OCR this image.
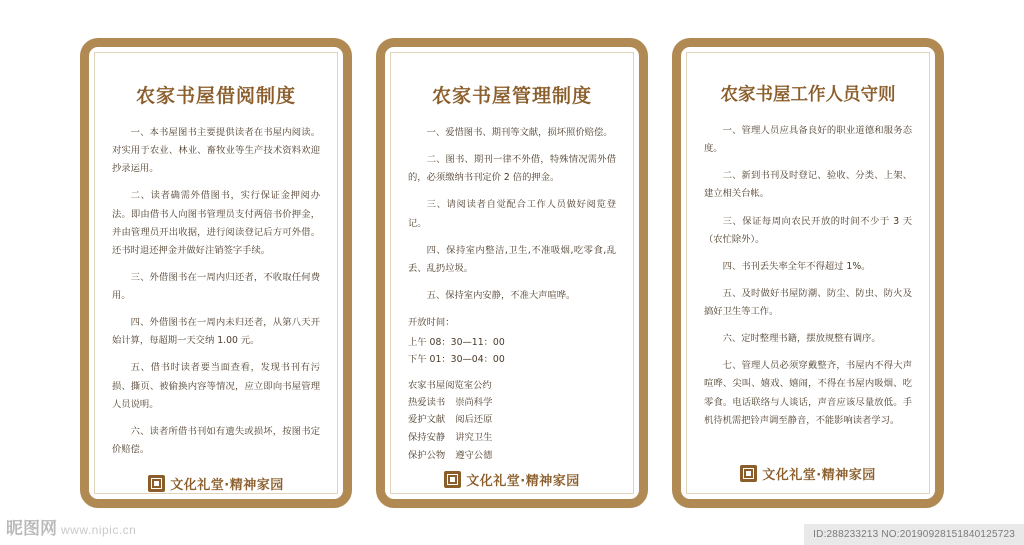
农家书屋借阅制度

一、本书屋图书主要提供读者在书屋内阅读。对实用于农业、林业、畜牧业等生产技术资料欢迎抄录运用。

二、读者确需外借图书，实行保证金押阅办法。即由借书人向图书管理员支付两倍书价押金，并由管理员开出收据，进行阅读登记后方可外借。还书时退还押金并做好注销签字手续。

三、外借图书在一周内归还者，不收取任何费用。

四、外借图书在一周内未归还者，从第八天开始计算，每超期一天交纳 1.00 元。

五、借书时读者要当面查看，发现书刊有污损、撕页、被偷换内容等情况，应立即向书屋管理人员说明。

六、读者所借书刊如有遗失或损坏，按图书定价赔偿。

文化礼堂·精神家园
农家书屋管理制度

一、爱惜图书、期刊等文献，损坏照价赔偿。

二、图书、期刊一律不外借，特殊情况需外借的，必须缴纳书刊定价 2 倍的押金。

三、请阅读者自觉配合工作人员做好阅览登记。

四、保持室内整洁,卫生,不准吸烟,吃零食,乱丢、乱扔垃圾。

五、保持室内安静，不准大声喧哗。

开放时间：

上午 08：30—11：00

下午 01：30—04：00

农家书屋阅览室公约
热爱读书 崇尚科学
爱护文献 阅后还原
保持安静 讲究卫生
保护公物 遵守公德
文化礼堂·精神家园
农家书屋工作人员守则

一、管理人员应具备良好的职业道德和服务态度。

二、新到书刊及时登记、验收、分类、上架、建立相关台帐。

三、保证每周向农民开放的时间不少于 3 天（农忙除外）。

四、书刊丢失率全年不得超过 1%。

五、及时做好书屋防潮、防尘、防虫、防火及搞好卫生等工作。

六、定时整理书籍，摆放规整有调序。

七、管理人员必须穿戴整齐，书屋内不得大声喧哗、尖叫、嬉戏、嬉闹，不得在书屋内吸烟、吃零食。电话联络与人谈话，声音应该尽量放低。手机待机需把铃声调至静音，不能影响读者学习。

文化礼堂·精神家园
昵图网 www.nipic.cn	ID:288233213 NO:20190928151840125723
